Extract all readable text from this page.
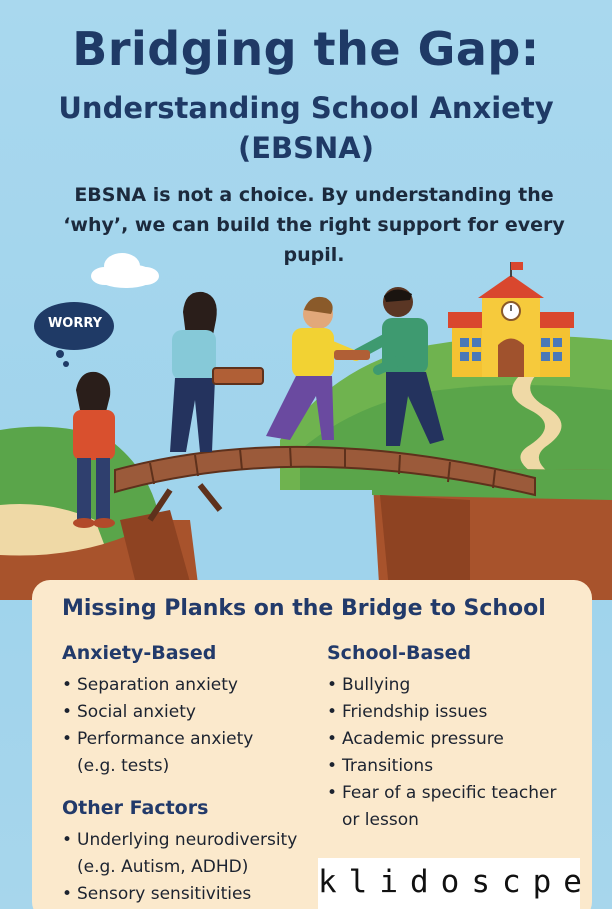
Bridging the Gap:
Understanding School Anxiety
(EBSNA)
EBSNA is not a choice. By understanding the
‘why’, we can build the right support for every pupil.
WORRY
Missing Planks on the Bridge to School
Anxiety-Based
• Separation anxiety
• Social anxiety
• Performance anxiety
(e.g. tests)
School-Based
• Bullying
• Friendship issues
• Academic pressure
• Transitions
• Fear of a specific teacher
or lesson
Other Factors
• Underlying neurodiversity
(e.g. Autism, ADHD)
• Sensory sensitivities	klidoscpe
